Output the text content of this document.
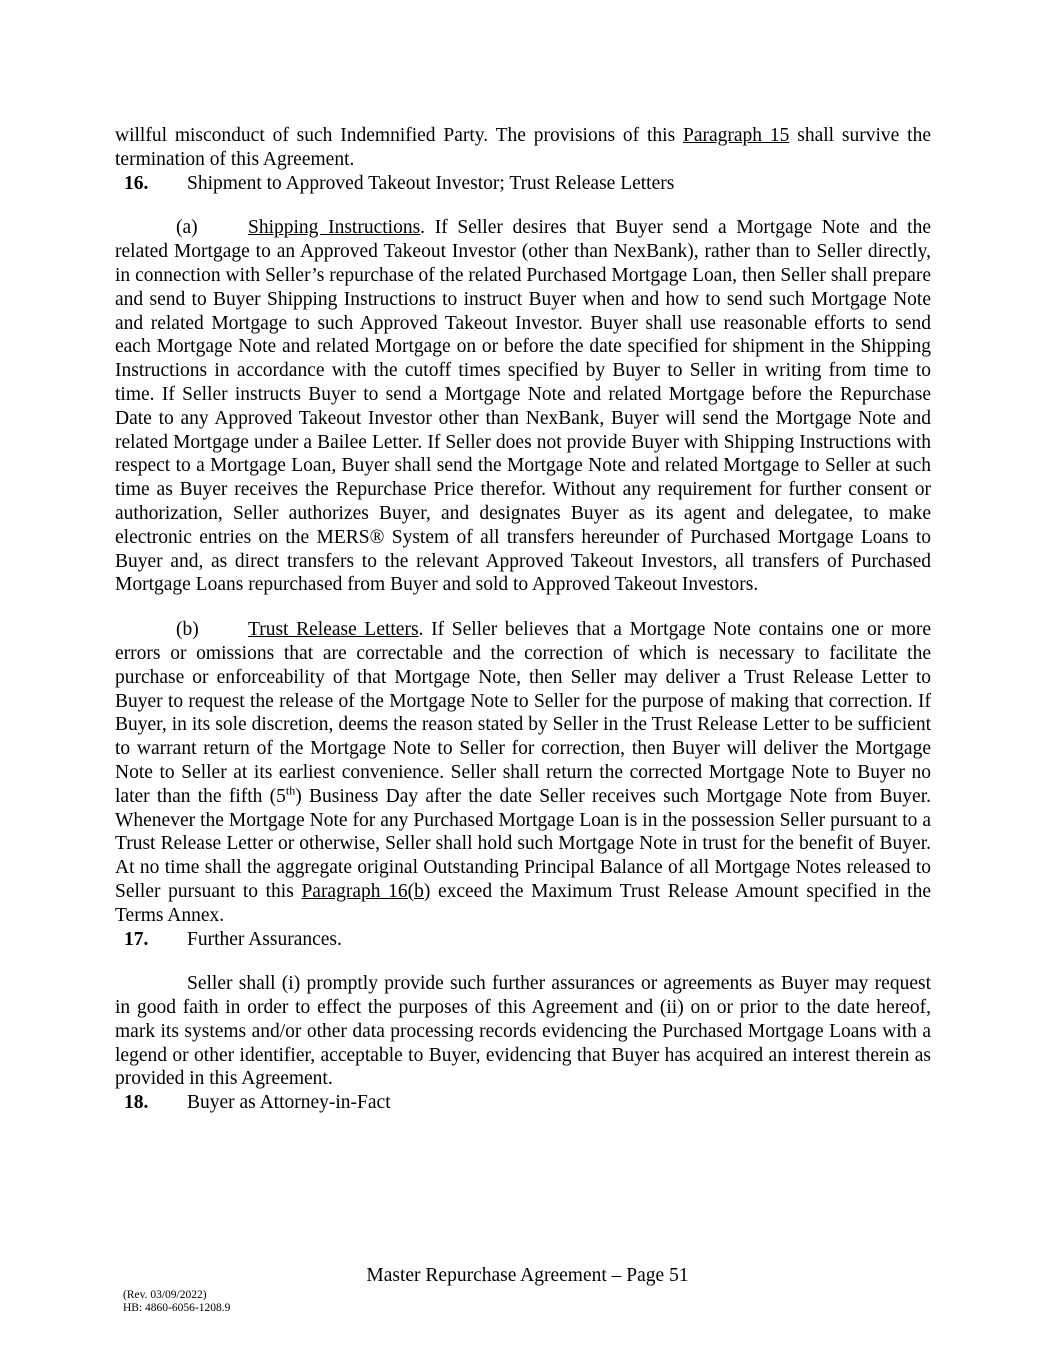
willful misconduct of such Indemnified Party. The provisions of this Paragraph 15 shall survive the termination of this Agreement.

16.	Shipment to Approved Takeout Investor; Trust Release Letters

(a)	Shipping Instructions. If Seller desires that Buyer send a Mortgage Note and the related Mortgage to an Approved Takeout Investor (other than NexBank), rather than to Seller directly, in connection with Seller’s repurchase of the related Purchased Mortgage Loan, then Seller shall prepare and send to Buyer Shipping Instructions to instruct Buyer when and how to send such Mortgage Note and related Mortgage to such Approved Takeout Investor. Buyer shall use reasonable efforts to send each Mortgage Note and related Mortgage on or before the date specified for shipment in the Shipping Instructions in accordance with the cutoff times specified by Buyer to Seller in writing from time to time. If Seller instructs Buyer to send a Mortgage Note and related Mortgage before the Repurchase Date to any Approved Takeout Investor other than NexBank, Buyer will send the Mortgage Note and related Mortgage under a Bailee Letter. If Seller does not provide Buyer with Shipping Instructions with respect to a Mortgage Loan, Buyer shall send the Mortgage Note and related Mortgage to Seller at such time as Buyer receives the Repurchase Price therefor. Without any requirement for further consent or authorization, Seller authorizes Buyer, and designates Buyer as its agent and delegatee, to make electronic entries on the MERS® System of all transfers hereunder of Purchased Mortgage Loans to Buyer and, as direct transfers to the relevant Approved Takeout Investors, all transfers of Purchased Mortgage Loans repurchased from Buyer and sold to Approved Takeout Investors.

(b)	Trust Release Letters. If Seller believes that a Mortgage Note contains one or more errors or omissions that are correctable and the correction of which is necessary to facilitate the purchase or enforceability of that Mortgage Note, then Seller may deliver a Trust Release Letter to Buyer to request the release of the Mortgage Note to Seller for the purpose of making that correction. If Buyer, in its sole discretion, deems the reason stated by Seller in the Trust Release Letter to be sufficient to warrant return of the Mortgage Note to Seller for correction, then Buyer will deliver the Mortgage Note to Seller at its earliest convenience. Seller shall return the corrected Mortgage Note to Buyer no later than the fifth (5th) Business Day after the date Seller receives such Mortgage Note from Buyer. Whenever the Mortgage Note for any Purchased Mortgage Loan is in the possession Seller pursuant to a Trust Release Letter or otherwise, Seller shall hold such Mortgage Note in trust for the benefit of Buyer. At no time shall the aggregate original Outstanding Principal Balance of all Mortgage Notes released to Seller pursuant to this Paragraph 16(b) exceed the Maximum Trust Release Amount specified in the Terms Annex.

17.	Further Assurances.

Seller shall (i) promptly provide such further assurances or agreements as Buyer may request in good faith in order to effect the purposes of this Agreement and (ii) on or prior to the date hereof, mark its systems and/or other data processing records evidencing the Purchased Mortgage Loans with a legend or other identifier, acceptable to Buyer, evidencing that Buyer has acquired an interest therein as provided in this Agreement.

18.	Buyer as Attorney-in-Fact

Master Repurchase Agreement – Page 51
(Rev. 03/09/2022)
HB: 4860-6056-1208.9
